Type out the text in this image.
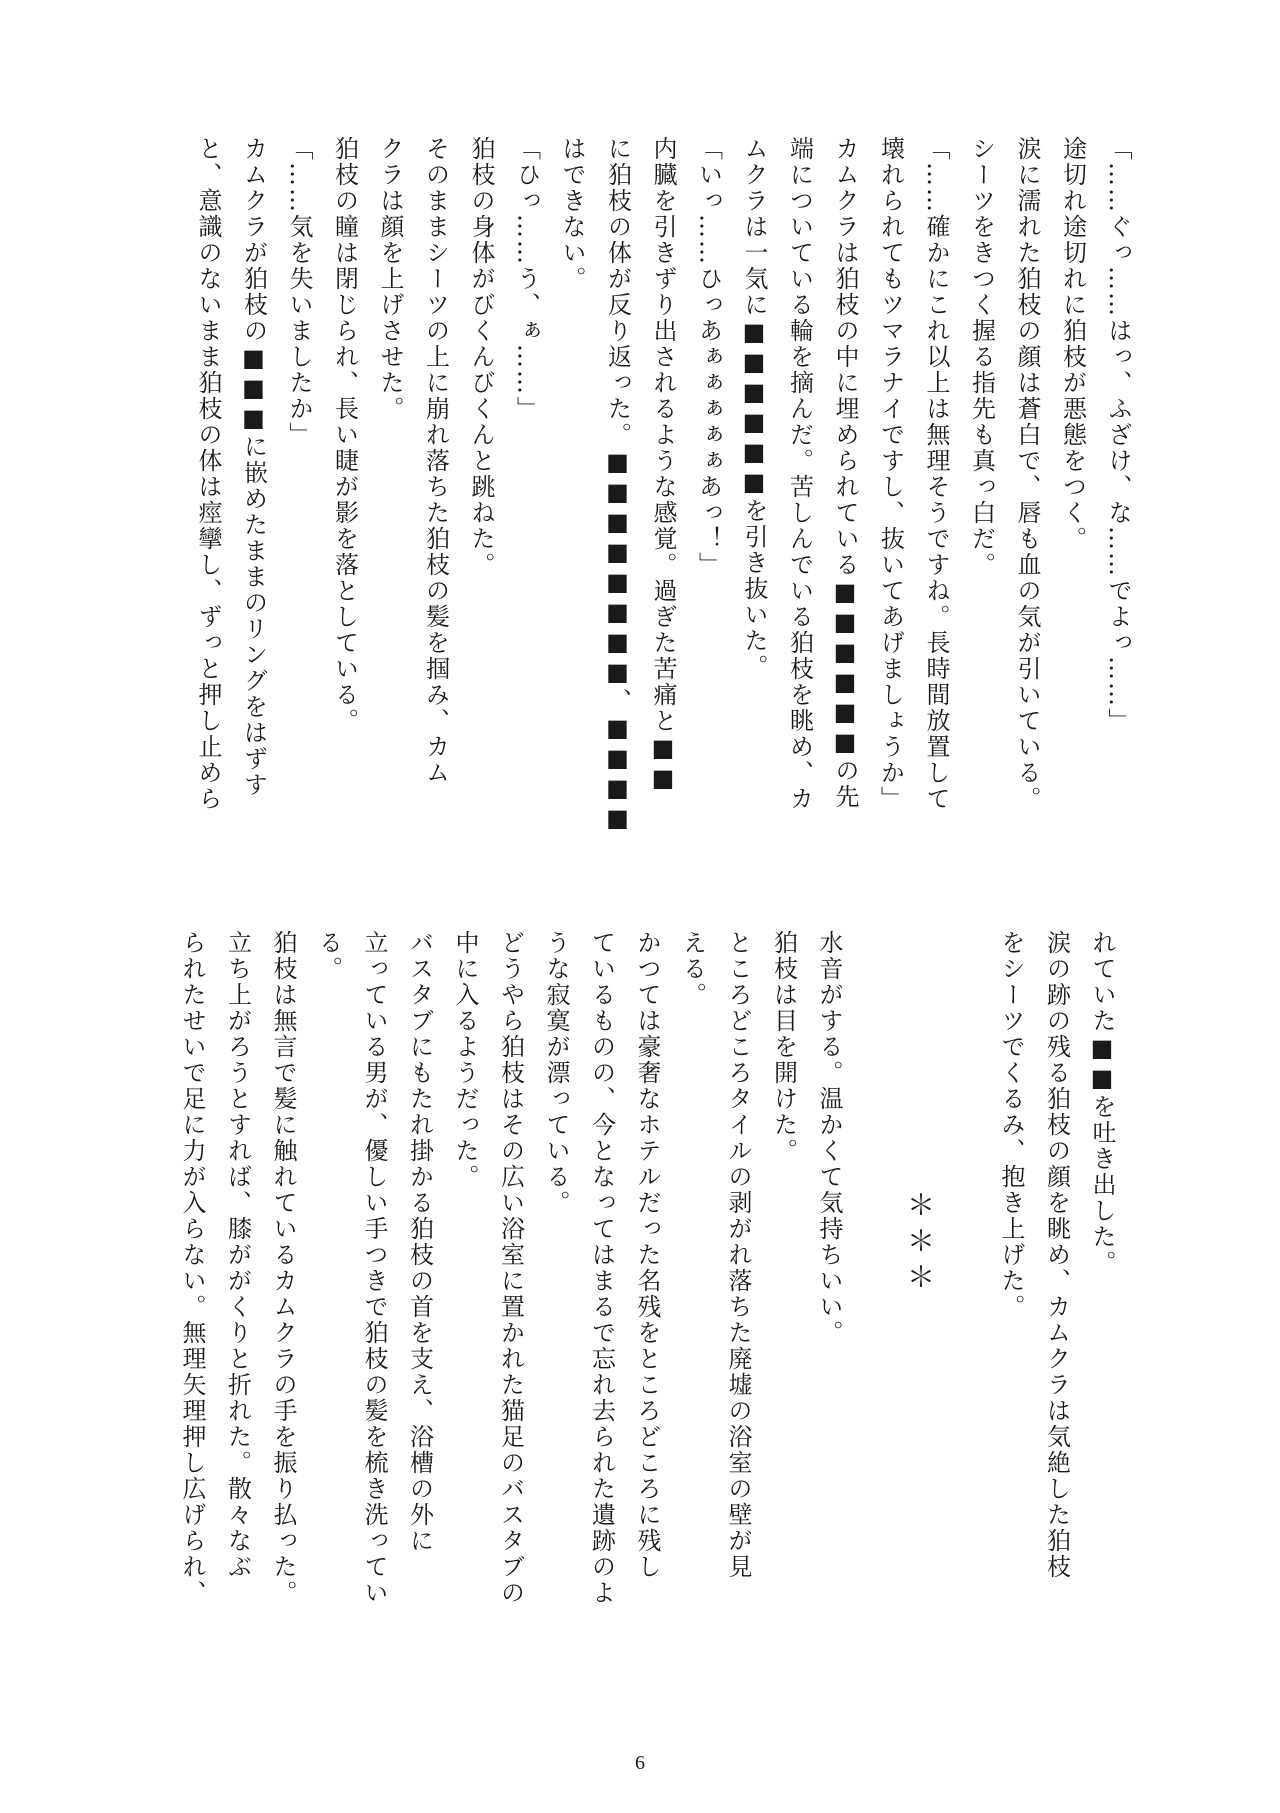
「……ぐっ……はっ、ふざけ、な……でよっ……」
途切れ途切れに狛枝が悪態をつく。
涙に濡れた狛枝の顔は蒼白で、唇も血の気が引いている。
シーツをきつく握る指先も真っ白だ。
「……確かにこれ以上は無理そうですね。長時間放置して
壊れられてもツマラナイですし、抜いてあげましょうか」
カムクラは狛枝の中に埋められている■■■■■■の先
端についている輪を摘んだ。苦しんでいる狛枝を眺め、カ
ムクラは一気に■■■■■■を引き抜いた。
「いっ……ひっあぁぁぁぁぁあっ！」
内臓を引きずり出されるような感覚。過ぎた苦痛と■■
に狛枝の体が反り返った。■■■■■■■■、■■■■
はできない。
「ひっ……う、ぁ……」
狛枝の身体がびくんびくんと跳ねた。
そのままシーツの上に崩れ落ちた狛枝の髪を掴み、カム
クラは顔を上げさせた。
狛枝の瞳は閉じられ、長い睫が影を落としている。
「……気を失いましたか」
カムクラが狛枝の■■■に嵌めたままのリングをはずす
と、意識のないまま狛枝の体は痙攣し、ずっと押し止めら
れていた■■を吐き出した。
涙の跡の残る狛枝の顔を眺め、カムクラは気絶した狛枝
をシーツでくるみ、抱き上げた。
＊＊＊
水音がする。温かくて気持ちいい。
狛枝は目を開けた。
ところどころタイルの剥がれ落ちた廃墟の浴室の壁が見
える。
かつては豪奢なホテルだった名残をところどころに残し
ているものの、今となってはまるで忘れ去られた遺跡のよ
うな寂寞が漂っている。
どうやら狛枝はその広い浴室に置かれた猫足のバスタブの
中に入るようだった。
バスタブにもたれ掛かる狛枝の首を支え、浴槽の外に
立っている男が、優しい手つきで狛枝の髪を梳き洗ってい
る。
狛枝は無言で髪に触れているカムクラの手を振り払った。
立ち上がろうとすれば、膝ががくりと折れた。散々なぶ
られたせいで足に力が入らない。無理矢理押し広げられ、
6
